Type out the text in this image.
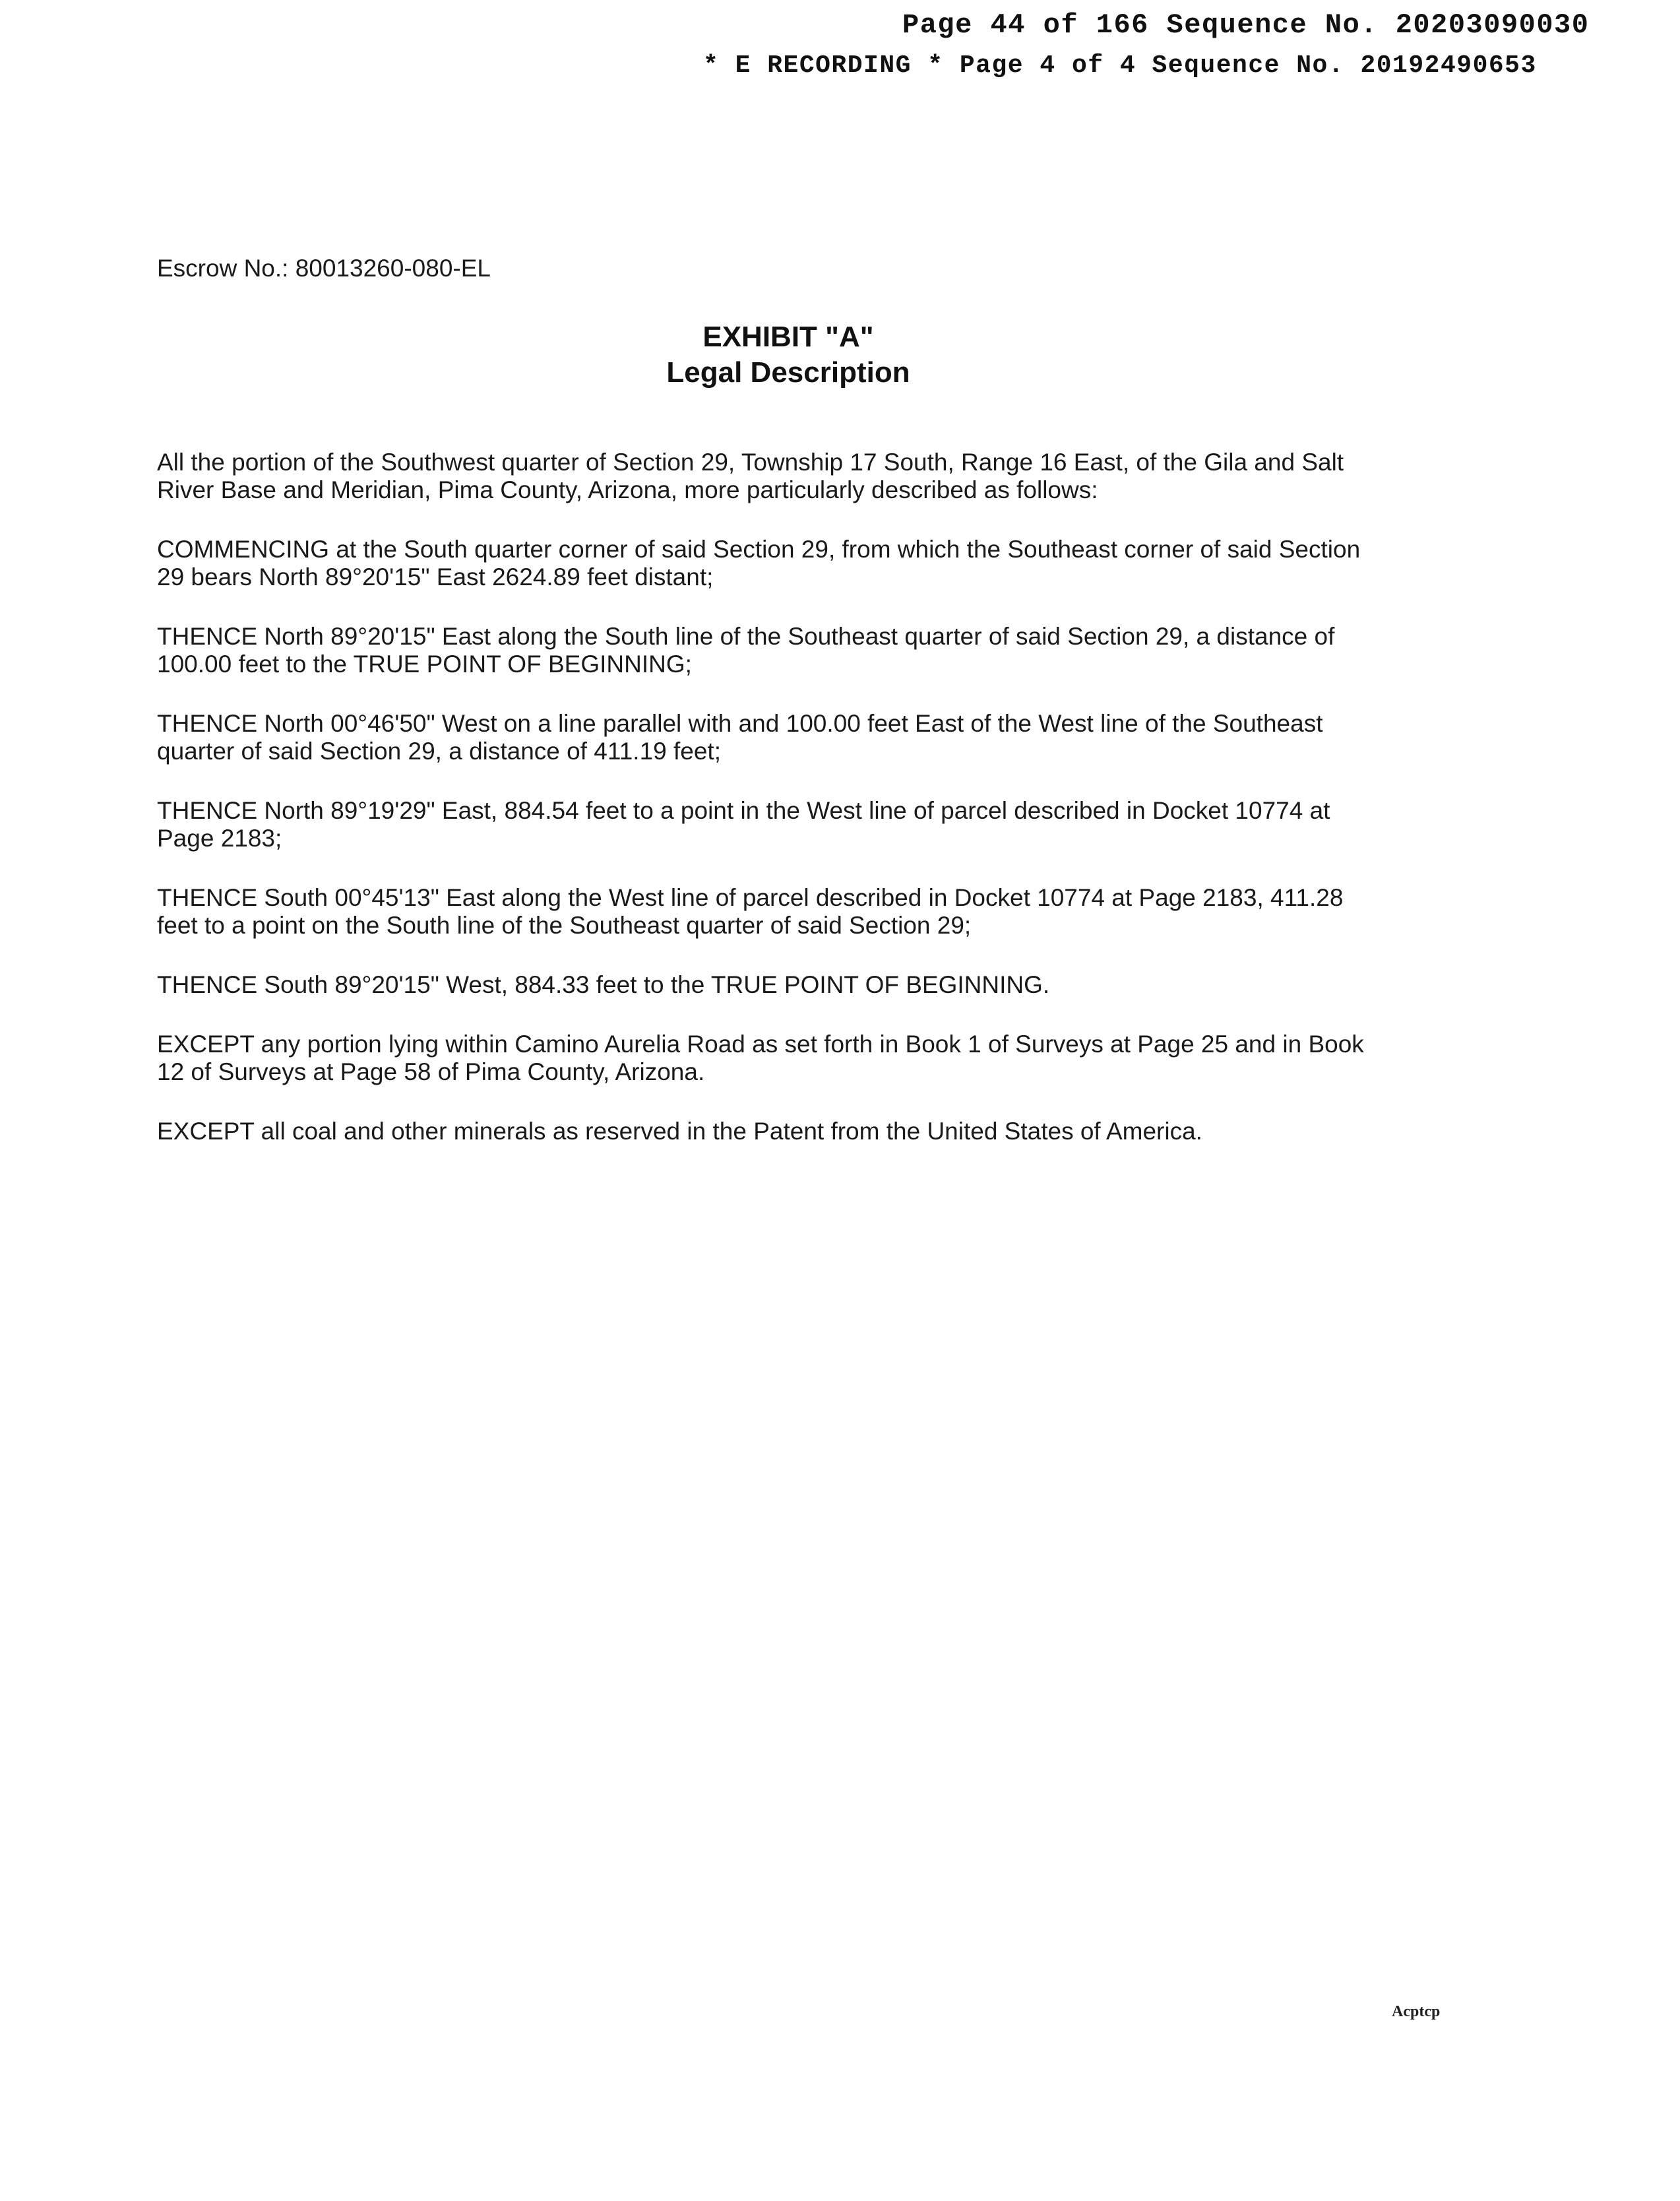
Page 44 of 166 Sequence No. 20203090030
* E RECORDING * Page 4 of 4 Sequence No. 20192490653
Escrow No.: 80013260-080-EL
EXHIBIT "A"
Legal Description

All the portion of the Southwest quarter of Section 29, Township 17 South, Range 16 East, of the Gila and Salt
River Base and Meridian, Pima County, Arizona, more particularly described as follows:

COMMENCING at the South quarter corner of said Section 29, from which the Southeast corner of said Section
29 bears North 89°20'15" East 2624.89 feet distant;

THENCE North 89°20'15" East along the South line of the Southeast quarter of said Section 29, a distance of
100.00 feet to the TRUE POINT OF BEGINNING;

THENCE North 00°46'50" West on a line parallel with and 100.00 feet East of the West line of the Southeast
quarter of said Section 29, a distance of 411.19 feet;

THENCE North 89°19'29" East, 884.54 feet to a point in the West line of parcel described in Docket 10774 at
Page 2183;

THENCE South 00°45'13" East along the West line of parcel described in Docket 10774 at Page 2183, 411.28
feet to a point on the South line of the Southeast quarter of said Section 29;

THENCE South 89°20'15" West, 884.33 feet to the TRUE POINT OF BEGINNING.

EXCEPT any portion lying within Camino Aurelia Road as set forth in Book 1 of Surveys at Page 25 and in Book
12 of Surveys at Page 58 of Pima County, Arizona.

EXCEPT all coal and other minerals as reserved in the Patent from the United States of America.

Acptcp
